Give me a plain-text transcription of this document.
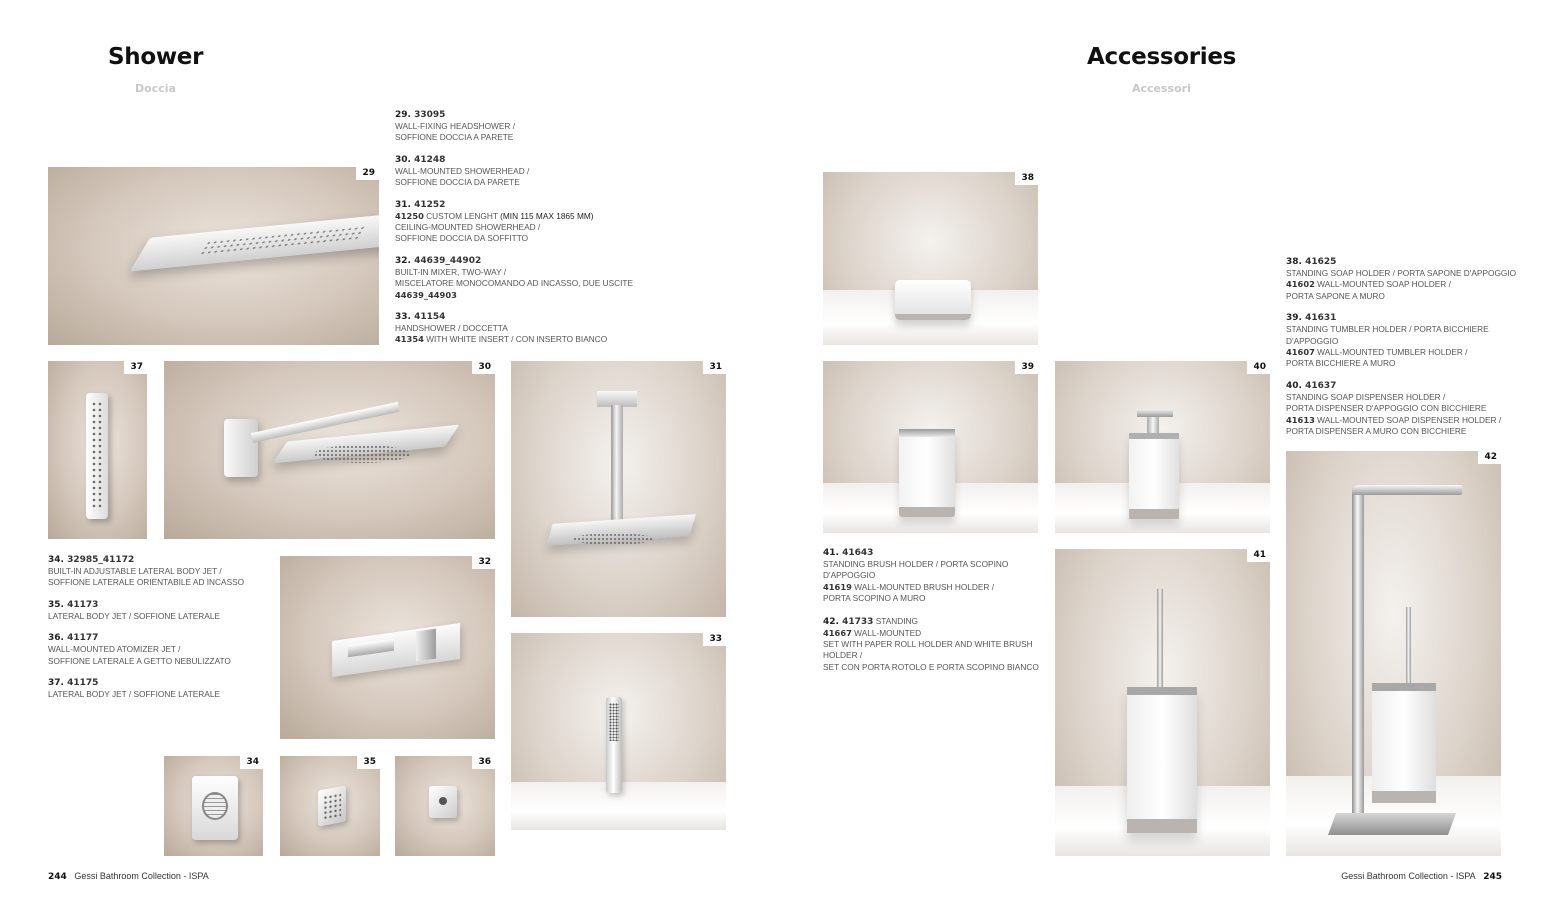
Shower
Doccia
Accessories
Accessori
29. 33095
WALL-FIXING HEADSHOWER /
SOFFIONE DOCCIA A PARETE
30. 41248
WALL-MOUNTED SHOWERHEAD /
SOFFIONE DOCCIA DA PARETE
31. 41252
41250 CUSTOM LENGHT (MIN 115 MAX 1865 MM)
CEILING-MOUNTED SHOWERHEAD /
SOFFIONE DOCCIA DA SOFFITTO
32. 44639_44902
BUILT-IN MIXER, TWO-WAY /
MISCELATORE MONOCOMANDO AD INCASSO, DUE USCITE
44639_44903
33. 41154
HANDSHOWER / DOCCETTA
41354 WITH WHITE INSERT / CON INSERTO BIANCO
34. 32985_41172
BUILT-IN ADJUSTABLE LATERAL BODY JET /
SOFFIONE LATERALE ORIENTABILE AD INCASSO
35. 41173
LATERAL BODY JET / SOFFIONE LATERALE
36. 41177
WALL-MOUNTED ATOMIZER JET /
SOFFIONE LATERALE A GETTO NEBULIZZATO
37. 41175
LATERAL BODY JET / SOFFIONE LATERALE
38. 41625
STANDING SOAP HOLDER / PORTA SAPONE D'APPOGGIO
41602 WALL-MOUNTED SOAP HOLDER /
PORTA SAPONE A MURO
39. 41631
STANDING TUMBLER HOLDER / PORTA BICCHIERE
D'APPOGGIO
41607 WALL-MOUNTED TUMBLER HOLDER /
PORTA BICCHIERE A MURO
40. 41637
STANDING SOAP DISPENSER HOLDER /
PORTA DISPENSER D'APPOGGIO CON BICCHIERE
41613 WALL-MOUNTED SOAP DISPENSER HOLDER /
PORTA DISPENSER A MURO CON BICCHIERE
41. 41643
STANDING BRUSH HOLDER / PORTA SCOPINO
D'APPOGGIO
41619 WALL-MOUNTED BRUSH HOLDER /
PORTA SCOPINO A MURO
42. 41733 STANDING
41667 WALL-MOUNTED
SET WITH PAPER ROLL HOLDER AND WHITE BRUSH
HOLDER /
SET CON PORTA ROTOLO E PORTA SCOPINO BIANCO
29
37	30	31
32
33
34	35	36
38
39	40
41
42
244 Gessi Bathroom Collection - ISPA	Gessi Bathroom Collection - ISPA 245
